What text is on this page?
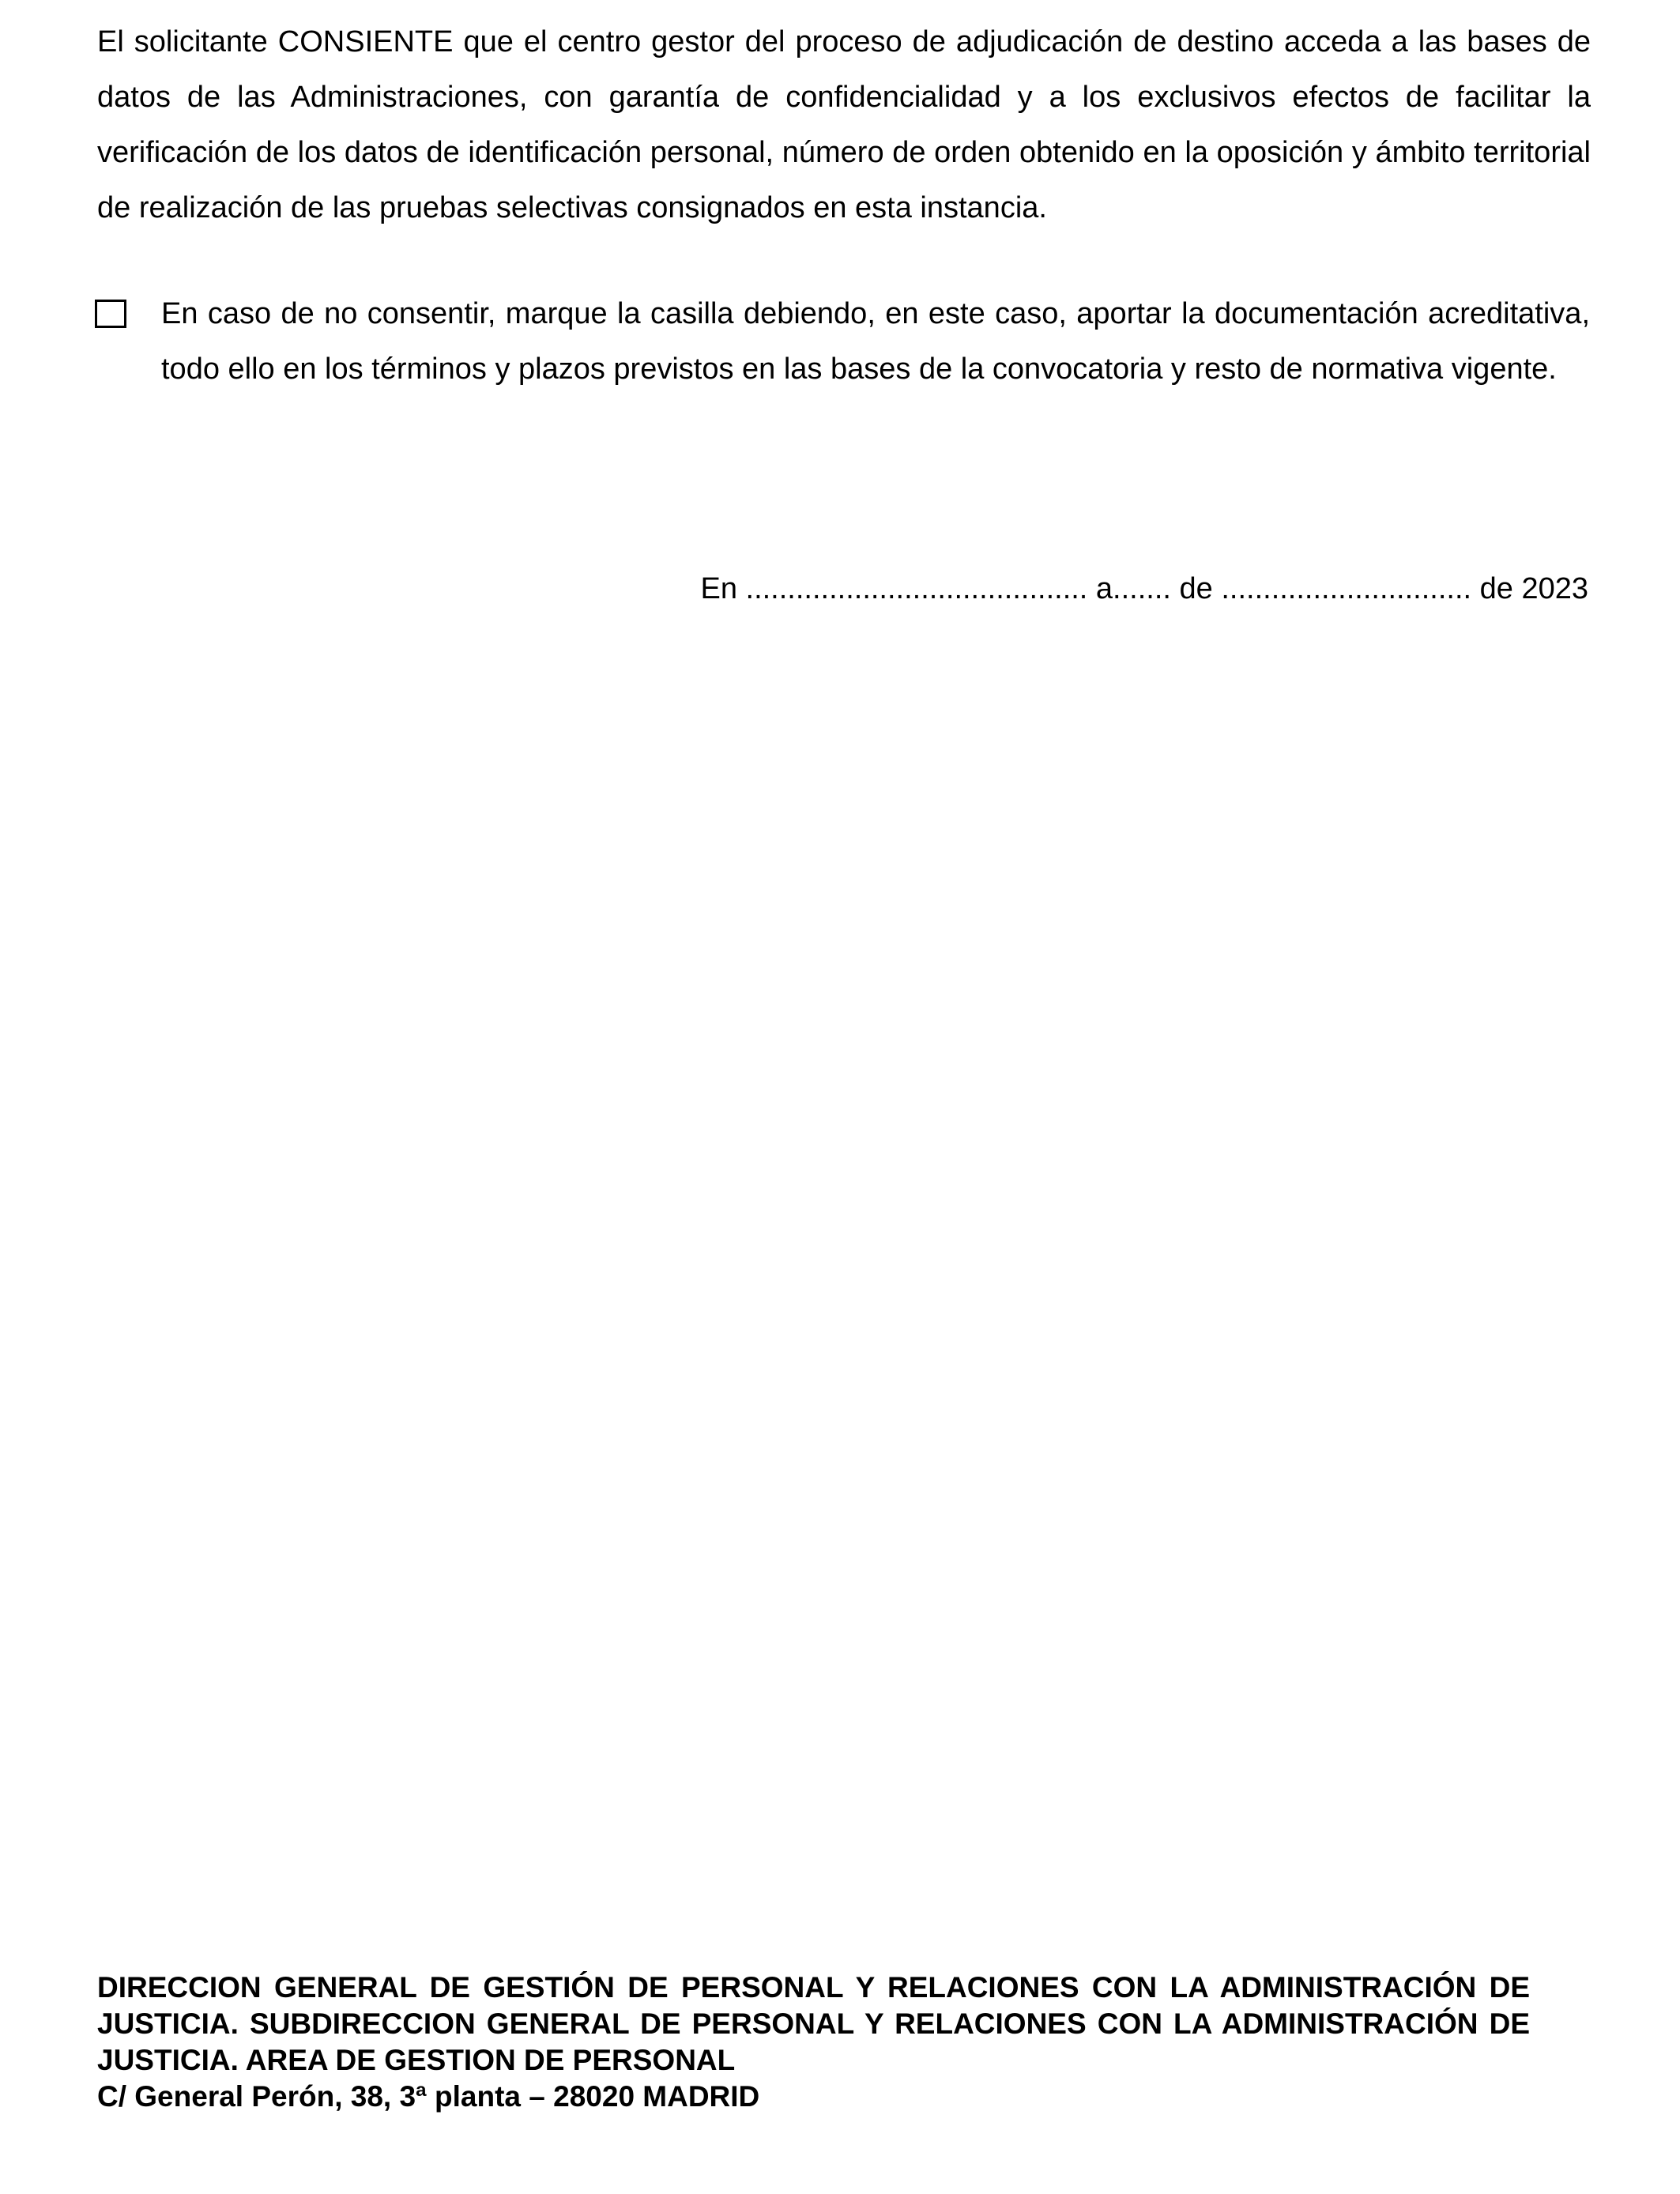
El solicitante CONSIENTE que el centro gestor del proceso de adjudicación de destino acceda a las bases de datos de las Administraciones, con garantía de confidencialidad y a los exclusivos efectos de facilitar la verificación de los datos de identificación personal, número de orden obtenido en la oposición y ámbito territorial de realización de las pruebas selectivas consignados en esta instancia.

En caso de no consentir, marque la casilla debiendo, en este caso, aportar la documentación acreditativa, todo ello en los términos y plazos previstos en las bases de la convocatoria y resto de normativa vigente.

En ......................................... a....... de .............................. de 2023

DIRECCION GENERAL DE GESTIÓN DE PERSONAL Y RELACIONES CON LA ADMINISTRACIÓN DE JUSTICIA. SUBDIRECCION GENERAL DE PERSONAL Y RELACIONES CON LA ADMINISTRACIÓN DE JUSTICIA. AREA DE GESTION DE PERSONAL
C/ General Perón, 38, 3ª planta – 28020 MADRID
